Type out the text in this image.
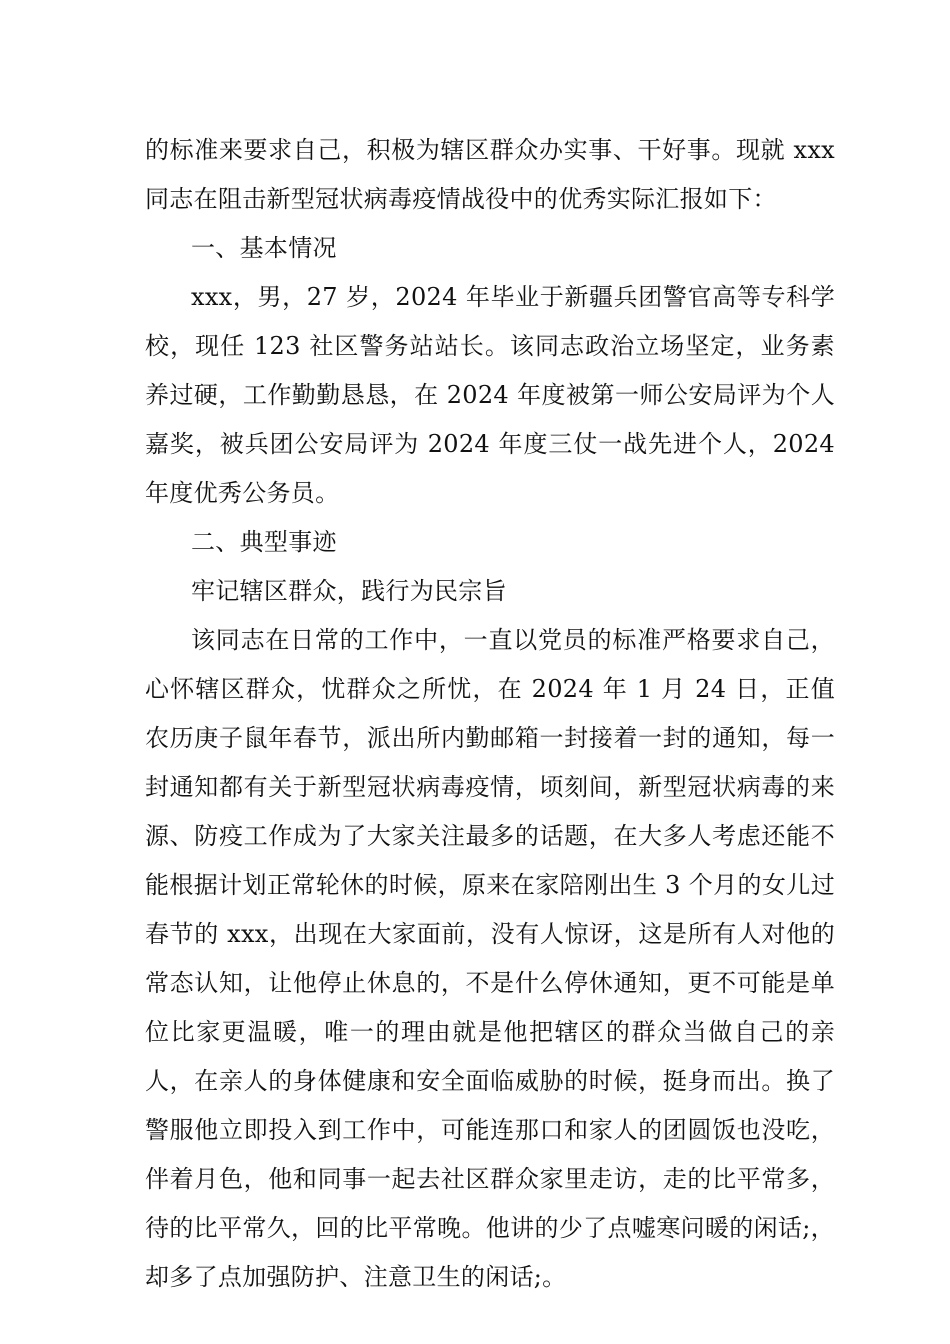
的标准来要求自己，积极为辖区群众办实事、干好事。现就 xxx 同志在阻击新型冠状病毒疫情战役中的优秀实际汇报如下：

一、基本情况

xxx，男，27 岁，2024 年毕业于新疆兵团警官高等专科学校，现任 123 社区警务站站长。该同志政治立场坚定，业务素养过硬，工作勤勤恳恳，在 2024 年度被第一师公安局评为个人嘉奖，被兵团公安局评为 2024 年度三仗一战先进个人，2024 年度优秀公务员。

二、典型事迹

牢记辖区群众，践行为民宗旨

该同志在日常的工作中，一直以党员的标准严格要求自己，心怀辖区群众，忧群众之所忧，在 2024 年 1 月 24 日，正值农历庚子鼠年春节，派出所内勤邮箱一封接着一封的通知，每一封通知都有关于新型冠状病毒疫情，顷刻间，新型冠状病毒的来源、防疫工作成为了大家关注最多的话题，在大多人考虑还能不能根据计划正常轮休的时候，原来在家陪刚出生 3 个月的女儿过春节的 xxx，出现在大家面前，没有人惊讶，这是所有人对他的常态认知，让他停止休息的，不是什么停休通知，更不可能是单位比家更温暖，唯一的理由就是他把辖区的群众当做自己的亲人，在亲人的身体健康和安全面临威胁的时候，挺身而出。换了警服他立即投入到工作中，可能连那口和家人的团圆饭也没吃，伴着月色，他和同事一起去社区群众家里走访，走的比平常多，待的比平常久，回的比平常晚。他讲的少了点嘘寒问暖的闲话;，却多了点加强防护、注意卫生的闲话;。
